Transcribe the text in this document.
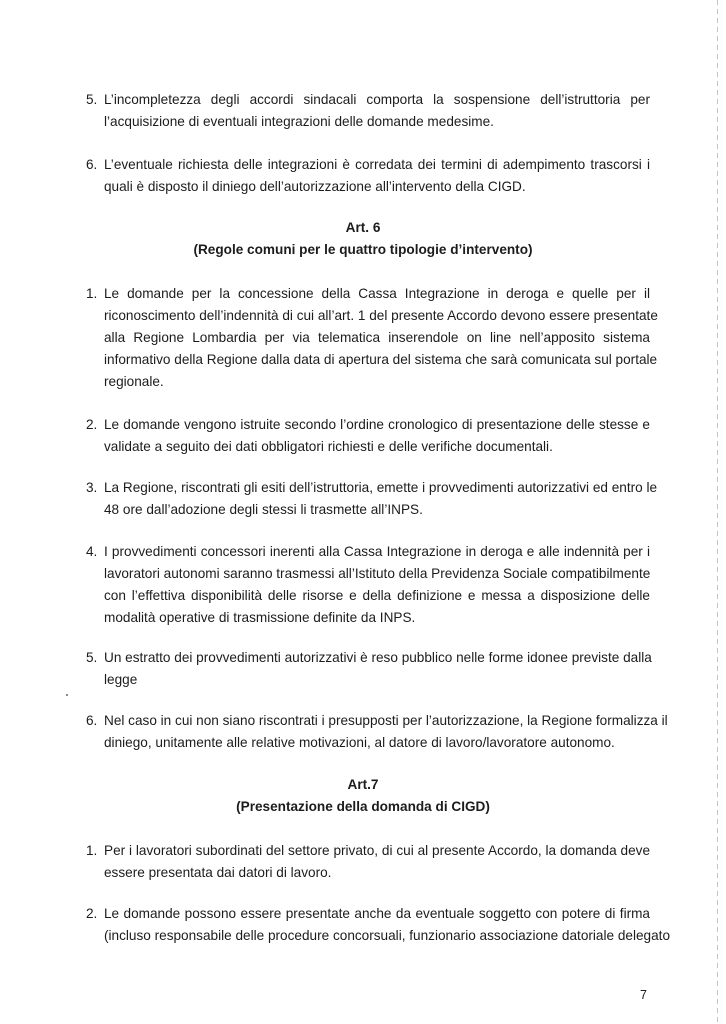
5. L’incompletezza degli accordi sindacali comporta la sospensione dell’istruttoria per
l’acquisizione di eventuali integrazioni delle domande medesime.
6. L’eventuale richiesta delle integrazioni è corredata dei termini di adempimento trascorsi i
quali è disposto il diniego dell’autorizzazione all’intervento della CIGD.
Art. 6
(Regole comuni per le quattro tipologie d’intervento)
1. Le domande per la concessione della Cassa Integrazione in deroga e quelle per il
riconoscimento dell’indennità di cui all’art. 1 del presente Accordo devono essere presentate
alla Regione Lombardia per via telematica inserendole on line nell’apposito sistema
informativo della Regione dalla data di apertura del sistema che sarà comunicata sul portale
regionale.
2. Le domande vengono istruite secondo l’ordine cronologico di presentazione delle stesse e
validate a seguito dei dati obbligatori richiesti e delle verifiche documentali.
3. La Regione, riscontrati gli esiti dell’istruttoria, emette i provvedimenti autorizzativi ed entro le
48 ore dall’adozione degli stessi li trasmette all’INPS.
4. I provvedimenti concessori inerenti alla Cassa Integrazione in deroga e alle indennità per i
lavoratori autonomi saranno trasmessi all’Istituto della Previdenza Sociale compatibilmente
con l’effettiva disponibilità delle risorse e della definizione e messa a disposizione delle
modalità operative di trasmissione definite da INPS.
5. Un estratto dei provvedimenti autorizzativi è reso pubblico nelle forme idonee previste dalla
legge
6. Nel caso in cui non siano riscontrati i presupposti per l’autorizzazione, la Regione formalizza il
diniego, unitamente alle relative motivazioni, al datore di lavoro/lavoratore autonomo.
Art.7
(Presentazione della domanda di CIGD)
1. Per i lavoratori subordinati del settore privato, di cui al presente Accordo, la domanda deve
essere presentata dai datori di lavoro.
2. Le domande possono essere presentate anche da eventuale soggetto con potere di firma
(incluso responsabile delle procedure concorsuali, funzionario associazione datoriale delegato
7
